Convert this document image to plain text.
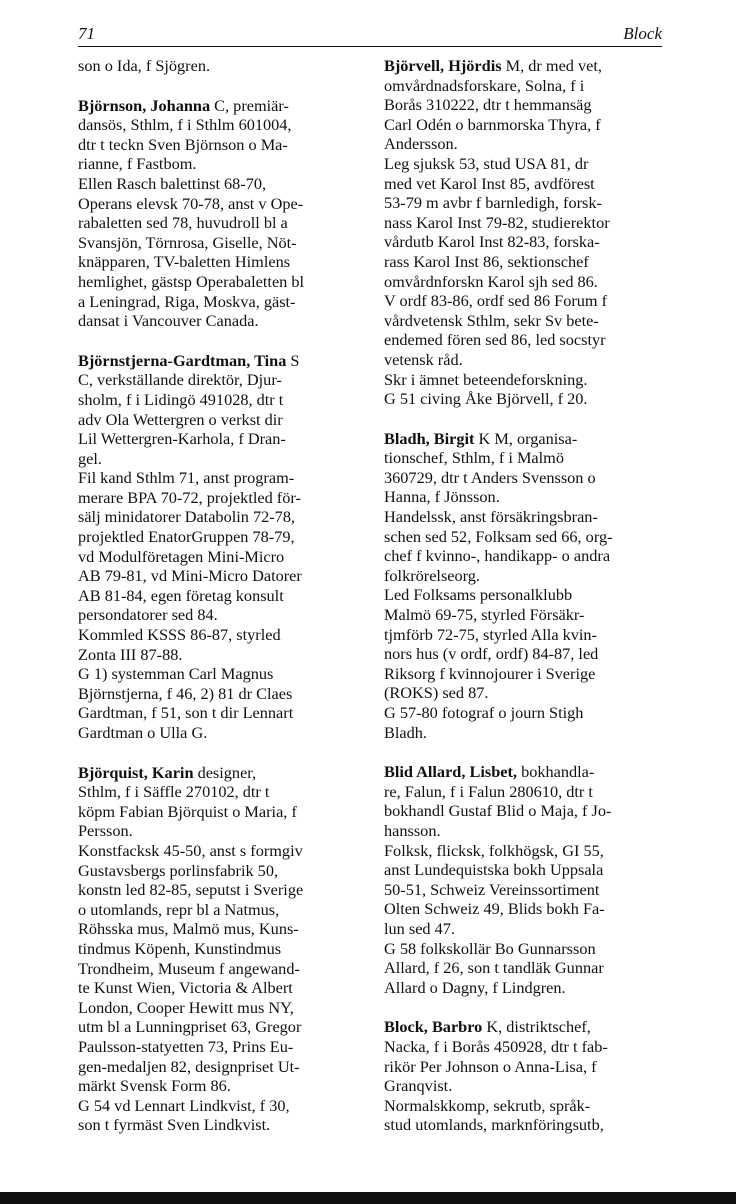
71	Block
son o Ida, f Sjögren.
Björnson, Johanna C, premiär-
dansös, Sthlm, f i Sthlm 601004,
dtr t teckn Sven Björnson o Ma-
rianne, f Fastbom.
Ellen Rasch balettinst 68-70,
Operans elevsk 70-78, anst v Ope-
rabaletten sed 78, huvudroll bl a
Svansjön, Törnrosa, Giselle, Nöt-
knäpparen, TV-baletten Himlens
hemlighet, gästsp Operabaletten bl
a Leningrad, Riga, Moskva, gäst-
dansat i Vancouver Canada.
Björnstjerna-Gardtman, Tina S
C, verkställande direktör, Djur-
sholm, f i Lidingö 491028, dtr t
adv Ola Wettergren o verkst dir
Lil Wettergren-Karhola, f Dran-
gel.
Fil kand Sthlm 71, anst program-
merare BPA 70-72, projektled för-
sälj minidatorer Databolin 72-78,
projektled EnatorGruppen 78-79,
vd Modulföretagen Mini-Micro
AB 79-81, vd Mini-Micro Datorer
AB 81-84, egen företag konsult
persondatorer sed 84.
Kommled KSSS 86-87, styrled
Zonta III 87-88.
G 1) systemman Carl Magnus
Björnstjerna, f 46, 2) 81 dr Claes
Gardtman, f 51, son t dir Lennart
Gardtman o Ulla G.
Björquist, Karin designer,
Sthlm, f i Säffle 270102, dtr t
köpm Fabian Björquist o Maria, f
Persson.
Konstfacksk 45-50, anst s formgiv
Gustavsbergs porlinsfabrik 50,
konstn led 82-85, seputst i Sverige
o utomlands, repr bl a Natmus,
Röhsska mus, Malmö mus, Kuns-
tindmus Köpenh, Kunstindmus
Trondheim, Museum f angewand-
te Kunst Wien, Victoria & Albert
London, Cooper Hewitt mus NY,
utm bl a Lunningpriset 63, Gregor
Paulsson-statyetten 73, Prins Eu-
gen-medaljen 82, designpriset Ut-
märkt Svensk Form 86.
G 54 vd Lennart Lindkvist, f 30,
son t fyrmäst Sven Lindkvist.
Björvell, Hjördis M, dr med vet,
omvårdnadsforskare, Solna, f i
Borås 310222, dtr t hemmansäg
Carl Odén o barnmorska Thyra, f
Andersson.
Leg sjuksk 53, stud USA 81, dr
med vet Karol Inst 85, avdförest
53-79 m avbr f barnledigh, forsk-
nass Karol Inst 79-82, studierektor
vårdutb Karol Inst 82-83, forska-
rass Karol Inst 86, sektionschef
omvårdnforskn Karol sjh sed 86.
V ordf 83-86, ordf sed 86 Forum f
vårdvetensk Sthlm, sekr Sv bete-
endemed fören sed 86, led socstyr
vetensk råd.
Skr i ämnet beteendeforskning.
G 51 civing Åke Björvell, f 20.
Bladh, Birgit K M, organisa-
tionschef, Sthlm, f i Malmö
360729, dtr t Anders Svensson o
Hanna, f Jönsson.
Handelssk, anst försäkringsbran-
schen sed 52, Folksam sed 66, org-
chef f kvinno-, handikapp- o andra
folkrörelseorg.
Led Folksams personalklubb
Malmö 69-75, styrled Försäkr-
tjmförb 72-75, styrled Alla kvin-
nors hus (v ordf, ordf) 84-87, led
Riksorg f kvinnojourer i Sverige
(ROKS) sed 87.
G 57-80 fotograf o journ Stigh
Bladh.
Blid Allard, Lisbet, bokhandla-
re, Falun, f i Falun 280610, dtr t
bokhandl Gustaf Blid o Maja, f Jo-
hansson.
Folksk, flicksk, folkhögsk, GI 55,
anst Lundequistska bokh Uppsala
50-51, Schweiz Vereinssortiment
Olten Schweiz 49, Blids bokh Fa-
lun sed 47.
G 58 folkskollär Bo Gunnarsson
Allard, f 26, son t tandläk Gunnar
Allard o Dagny, f Lindgren.
Block, Barbro K, distriktschef,
Nacka, f i Borås 450928, dtr t fab-
rikör Per Johnson o Anna-Lisa, f
Granqvist.
Normalskkomp, sekrutb, språk-
stud utomlands, marknföringsutb,
